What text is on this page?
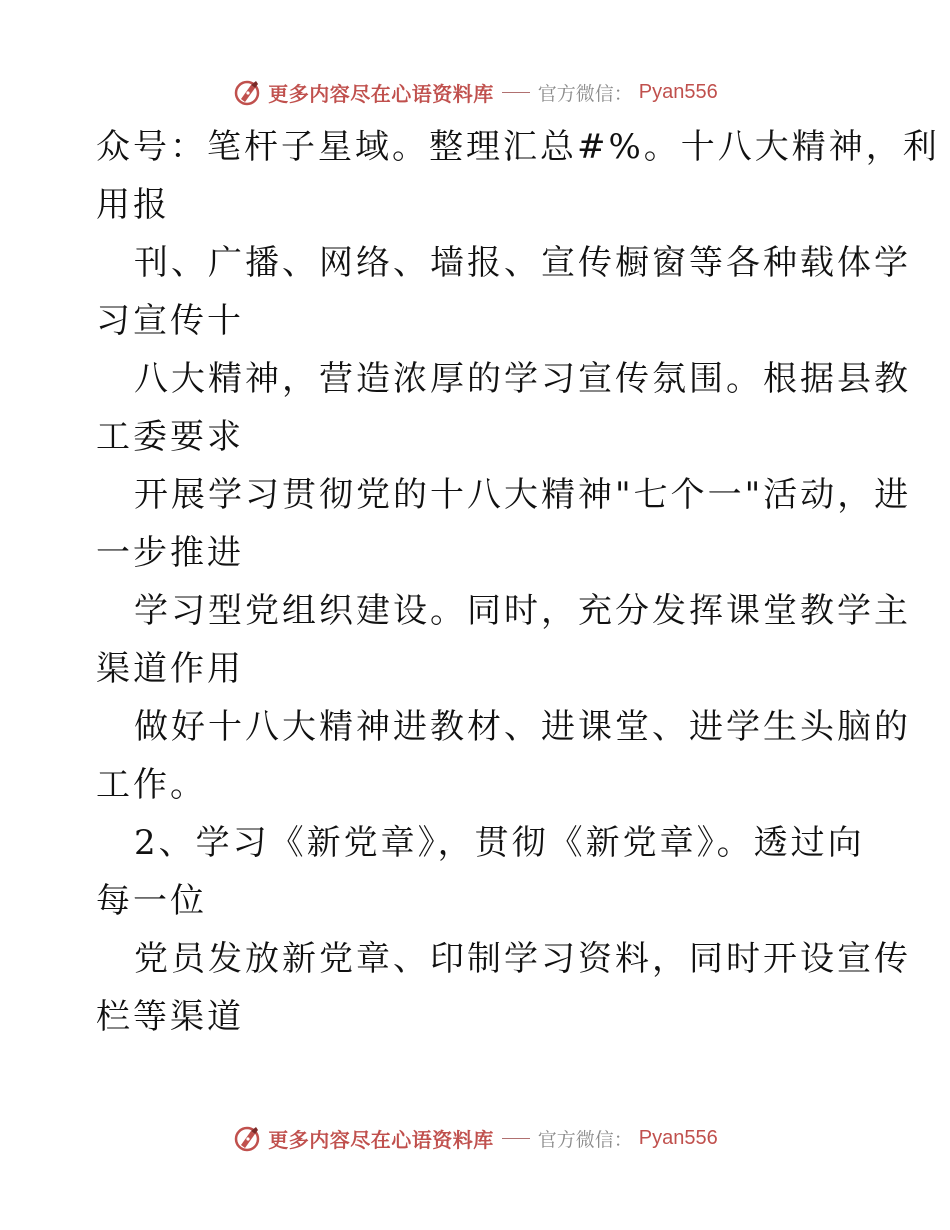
更多内容尽在心语资料库 官方微信： Pyan556
众号：笔杆子星域。整理汇总#%。十八大精神，利
用报
刊、广播、网络、墙报、宣传橱窗等各种载体学
习宣传十
八大精神，营造浓厚的学习宣传氛围。根据县教
工委要求
开展学习贯彻党的十八大精神"七个一"活动，进
一步推进
学习型党组织建设。同时，充分发挥课堂教学主
渠道作用
做好十八大精神进教材、进课堂、进学生头脑的
工作。
2、学习《新党章》，贯彻《新党章》。透过向
每一位
党员发放新党章、印制学习资料，同时开设宣传
栏等渠道
更多内容尽在心语资料库 官方微信： Pyan556
